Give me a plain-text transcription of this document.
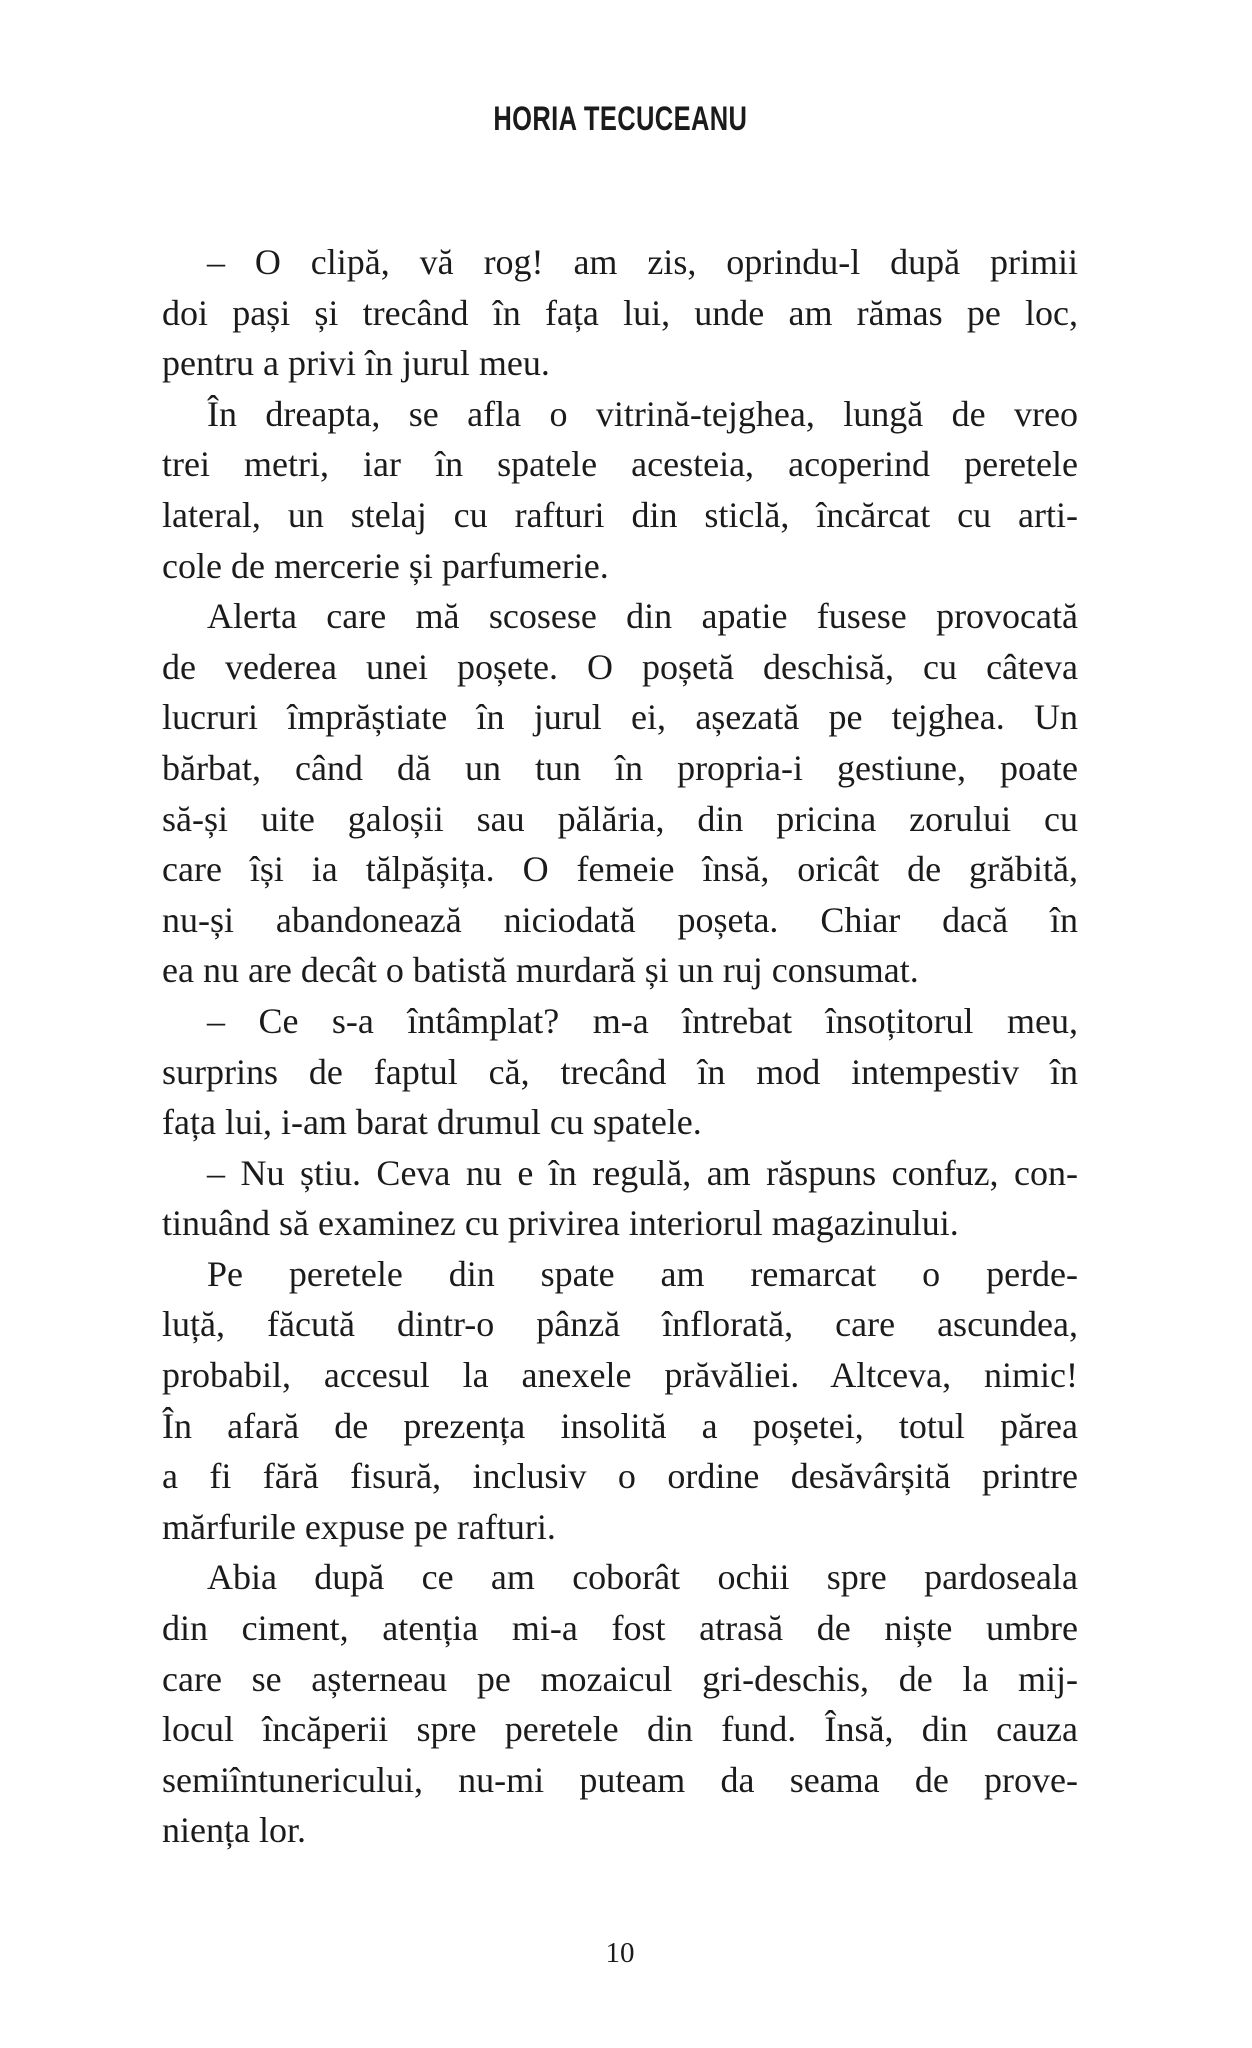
HORIA TECUCEANU
– O clipă, vă rog! am zis, oprindu-l după primii
doi pași și trecând în fața lui, unde am rămas pe loc,
pentru a privi în jurul meu.
În dreapta, se afla o vitrină-tejghea, lungă de vreo
trei metri, iar în spatele acesteia, acoperind peretele
lateral, un stelaj cu rafturi din sticlă, încărcat cu arti-
cole de mercerie și parfumerie.
Alerta care mă scosese din apatie fusese provocată
de vederea unei poșete. O poșetă deschisă, cu câteva
lucruri împrăștiate în jurul ei, așezată pe tejghea. Un
bărbat, când dă un tun în propria-i gestiune, poate
să-și uite galoșii sau pălăria, din pricina zorului cu
care își ia tălpășița. O femeie însă, oricât de grăbită,
nu-și abandonează niciodată poșeta. Chiar dacă în
ea nu are decât o batistă murdară și un ruj consumat.
– Ce s-a întâmplat? m-a întrebat însoțitorul meu,
surprins de faptul că, trecând în mod intempestiv în
fața lui, i-am barat drumul cu spatele.
– Nu știu. Ceva nu e în regulă, am răspuns confuz, con-
tinuând să examinez cu privirea interiorul magazinului.
Pe peretele din spate am remarcat o perde-
luță, făcută dintr-o pânză înflorată, care ascundea,
probabil, accesul la anexele prăvăliei. Altceva, nimic!
În afară de prezența insolită a poșetei, totul părea
a fi fără fisură, inclusiv o ordine desăvârșită printre
mărfurile expuse pe rafturi.
Abia după ce am coborât ochii spre pardoseala
din ciment, atenția mi-a fost atrasă de niște umbre
care se așterneau pe mozaicul gri-deschis, de la mij-
locul încăperii spre peretele din fund. Însă, din cauza
semiîntunericului, nu-mi puteam da seama de prove-
niența lor.
10
